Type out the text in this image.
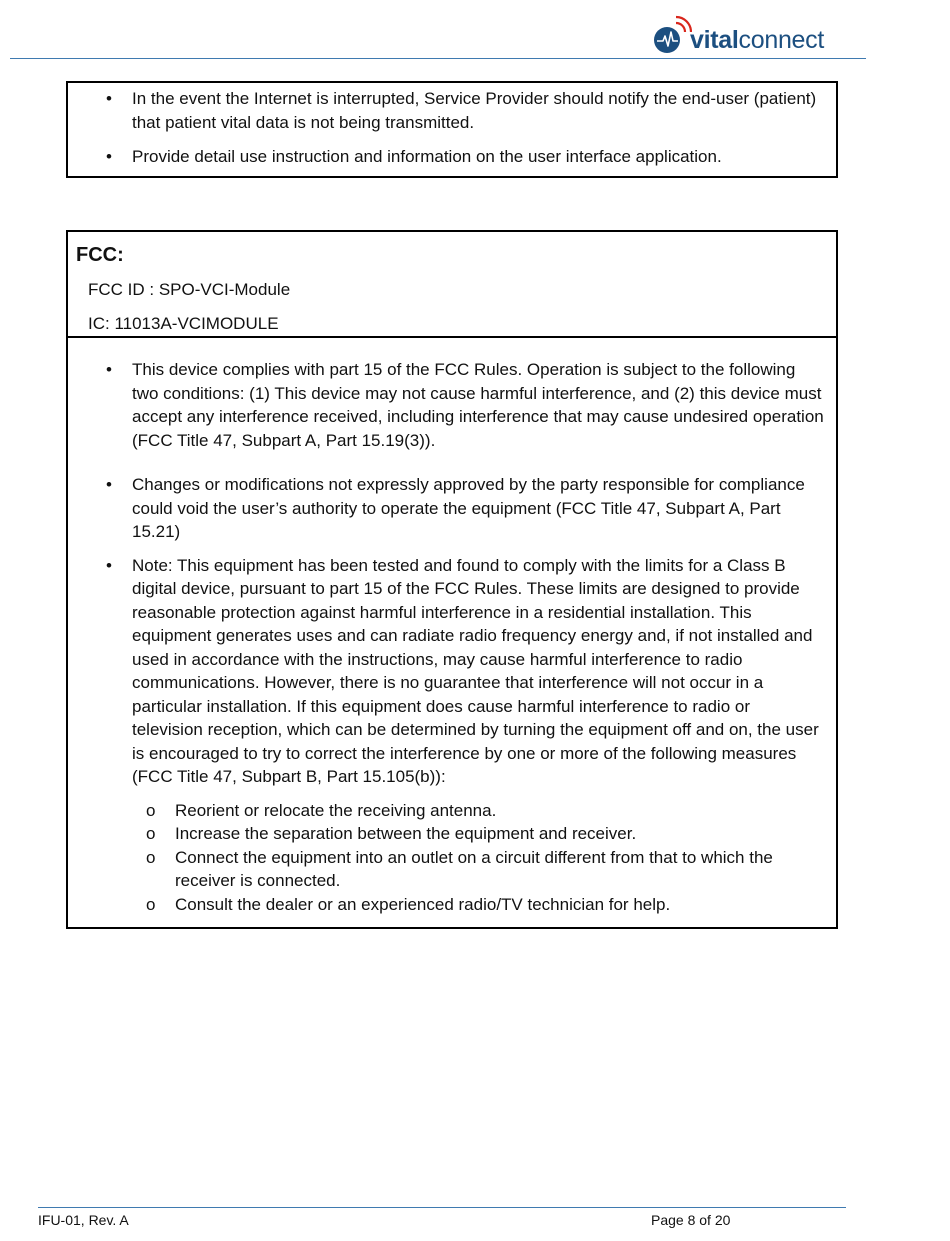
vitalconnect
• In the event the Internet is interrupted, Service Provider should notify the end-user (patient) that patient vital data is not being transmitted.
• Provide detail use instruction and information on the user interface application.
FCC:
FCC ID : SPO-VCI-Module
IC: 11013A-VCIMODULE
• This device complies with part 15 of the FCC Rules. Operation is subject to the following two conditions: (1) This device may not cause harmful interference, and (2) this device must accept any interference received, including interference that may cause undesired operation (FCC Title 47, Subpart A, Part 15.19(3)).
• Changes or modifications not expressly approved by the party responsible for compliance could void the user’s authority to operate the equipment (FCC Title 47, Subpart A, Part 15.21)
• Note: This equipment has been tested and found to comply with the limits for a Class B digital device, pursuant to part 15 of the FCC Rules. These limits are designed to provide reasonable protection against harmful interference in a residential installation. This equipment generates uses and can radiate radio frequency energy and, if not installed and used in accordance with the instructions, may cause harmful interference to radio communications. However, there is no guarantee that interference will not occur in a particular installation. If this equipment does cause harmful interference to radio or television reception, which can be determined by turning the equipment off and on, the user is encouraged to try to correct the interference by one or more of the following measures (FCC Title 47, Subpart B, Part 15.105(b)):
o Reorient or relocate the receiving antenna.
o Increase the separation between the equipment and receiver.
o Connect the equipment into an outlet on a circuit different from that to which the receiver is connected.
o Consult the dealer or an experienced radio/TV technician for help.
IFU-01, Rev. A	Page 8 of 20
